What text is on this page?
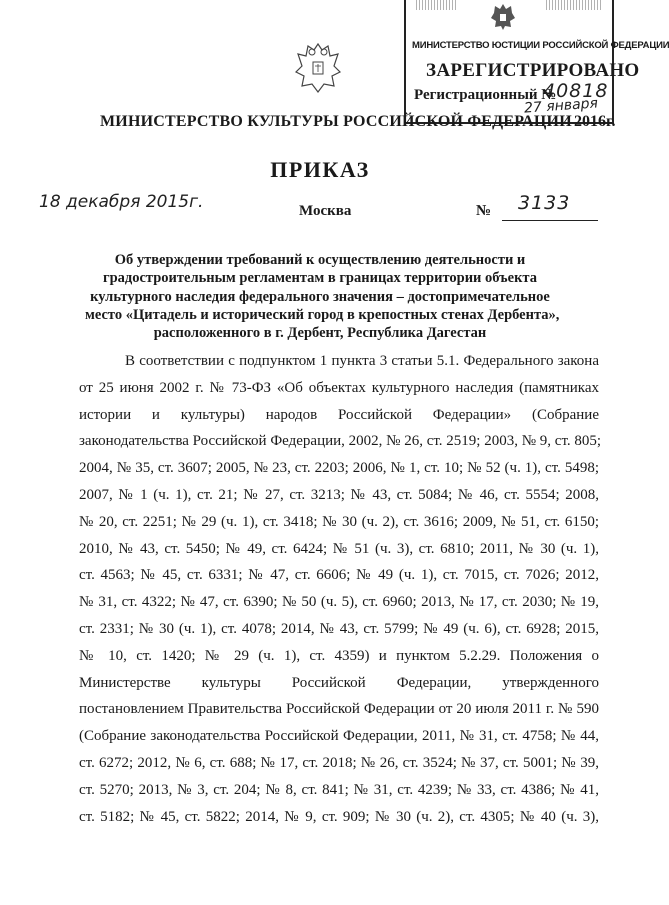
МИНИСТЕРСТВО ЮСТИЦИИ РОССИЙСКОЙ ФЕДЕРАЦИИ
ЗАРЕГИСТРИРОВАНО
Регистрационный №
40818
27 января
МИНИСТЕРСТВО КУЛЬТУРЫ РОССИЙСКОЙ ФЕДЕРАЦИИ 2016г.
ПРИКАЗ
18 декабря 2015г.	Москва	№ 3133
Об утверждении требований к осуществлению деятельности и
градостроительным регламентам в границах территории объекта
культурного наследия федерального значения – достопримечательное
место «Цитадель и исторический город в крепостных стенах Дербента»,
расположенного в г. Дербент, Республика Дагестан
В соответствии с подпунктом 1 пункта 3 статьи 5.1. Федерального закона
от 25 июня 2002 г. № 73-ФЗ «Об объектах культурного наследия (памятниках
истории и культуры) народов Российской Федерации» (Собрание
законодательства Российской Федерации, 2002, № 26, ст. 2519; 2003, № 9, ст. 805;
2004, № 35, ст. 3607; 2005, № 23, ст. 2203; 2006, № 1, ст. 10; № 52 (ч. 1), ст. 5498;
2007, № 1 (ч. 1), ст. 21; № 27, ст. 3213; № 43, ст. 5084; № 46, ст. 5554; 2008,
№ 20, ст. 2251; № 29 (ч. 1), ст. 3418; № 30 (ч. 2), ст. 3616; 2009, № 51, ст. 6150;
2010, № 43, ст. 5450; № 49, ст. 6424; № 51 (ч. 3), ст. 6810; 2011, № 30 (ч. 1),
ст. 4563; № 45, ст. 6331; № 47, ст. 6606; № 49 (ч. 1), ст. 7015, ст. 7026; 2012,
№ 31, ст. 4322; № 47, ст. 6390; № 50 (ч. 5), ст. 6960; 2013, № 17, ст. 2030; № 19,
ст. 2331; № 30 (ч. 1), ст. 4078; 2014, № 43, ст. 5799; № 49 (ч. 6), ст. 6928; 2015,
№ 10, ст. 1420; № 29 (ч. 1), ст. 4359) и пунктом 5.2.29. Положения о
Министерстве культуры Российской Федерации, утвержденного
постановлением Правительства Российской Федерации от 20 июля 2011 г. № 590
(Собрание законодательства Российской Федерации, 2011, № 31, ст. 4758; № 44,
ст. 6272; 2012, № 6, ст. 688; № 17, ст. 2018; № 26, ст. 3524; № 37, ст. 5001; № 39,
ст. 5270; 2013, № 3, ст. 204; № 8, ст. 841; № 31, ст. 4239; № 33, ст. 4386; № 41,
ст. 5182; № 45, ст. 5822; 2014, № 9, ст. 909; № 30 (ч. 2), ст. 4305; № 40 (ч. 3),
